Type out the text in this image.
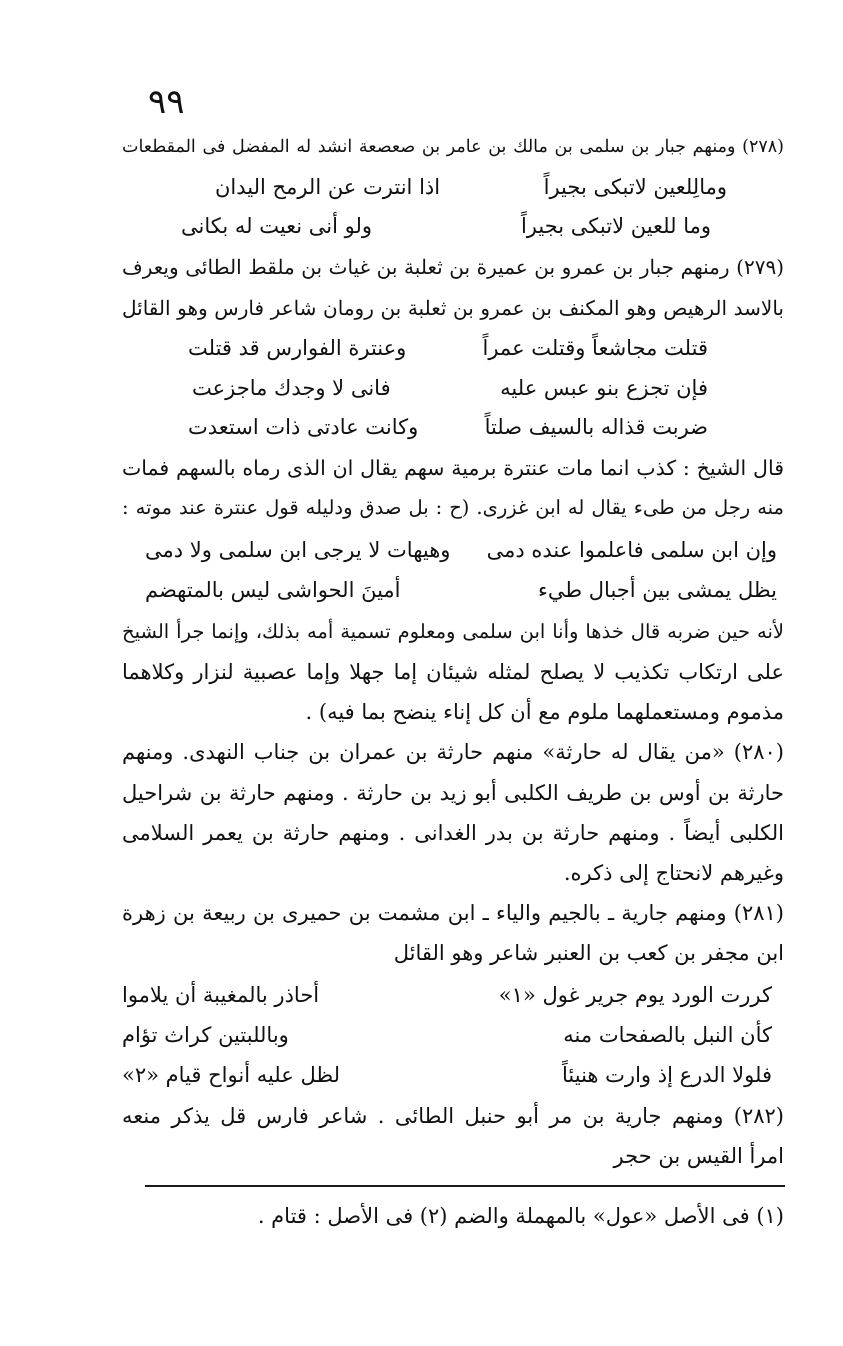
٩٩
(٢٧٨) ومنهم جبار بن سلمى بن مالك بن عامر بن صعصعة انشد له المفضل فى المقطعات
ومالِلعين لاتبكى بجيراً
اذا انترت عن الرمح اليدان
وما للعين لاتبكى بجيراً
ولو أنى نعيت له بكانى
(٢٧٩) رمنهم جبار بن عمرو بن عميرة بن ثعلبة بن غياث بن ملقط الطائى ويعرف
بالاسد الرهيص وهو المكنف بن عمرو بن ثعلبة بن رومان شاعر فارس وهو القائل
قتلت مجاشعاً وقتلت عمراً
وعنترة الفوارس قد قتلت
فإن تجزع بنو عبس عليه
فانى لا وجدك ماجزعت
ضربت قذاله بالسيف صلتاً
وكانت عادتى ذات استعدت
قال الشيخ : كذب انما مات عنترة برمية سهم يقال ان الذى رماه بالسهم فمات
منه رجل من طىء يقال له ابن غزرى. (ح : بل صدق ودليله قول عنترة عند موته :
وإن ابن سلمى فاعلموا عنده دمى
وهيهات لا يرجى ابن سلمى ولا دمى
يظل يمشى بين أجبال طيء
أمينَ الحواشى ليس بالمتهضم
لأنه حين ضربه قال خذها وأنا ابن سلمى ومعلوم تسمية أمه بذلك، وإنما جرأ الشيخ
على ارتكاب تكذيب لا يصلح لمثله شيئان إما جهلا وإما عصبية لنزار وكلاهما
مذموم ومستعملهما ملوم مع أن كل إناء ينضح بما فيه) .
(٢٨٠) «من يقال له حارثة» منهم حارثة بن عمران بن جناب النهدى. ومنهم
حارثة بن أوس بن طريف الكلبى أبو زيد بن حارثة . ومنهم حارثة بن شراحيل
الكلبى أيضاً . ومنهم حارثة بن بدر الغدانى . ومنهم حارثة بن يعمر السلامى
وغيرهم لانحتاج إلى ذكره.
(٢٨١) ومنهم جارية ـ بالجيم والياء ـ ابن مشمت بن حميرى بن ربيعة بن زهرة
ابن مجفر بن كعب بن العنبر شاعر وهو القائل
كررت الورد يوم جرير غول «١»
أحاذر بالمغيبة أن يلاموا
كأن النبل بالصفحات منه
وباللبتين كراث تؤام
فلولا الدرع إذ وارت هنيئاً
لظل عليه أنواح قيام «٢»
(٢٨٢) ومنهم جارية بن مر أبو حنبل الطائى . شاعر فارس قل يذكر منعه
امرأ القيس بن حجر
(١) فى الأصل «عول» بالمهملة والضم (٢) فى الأصل : قتام .
